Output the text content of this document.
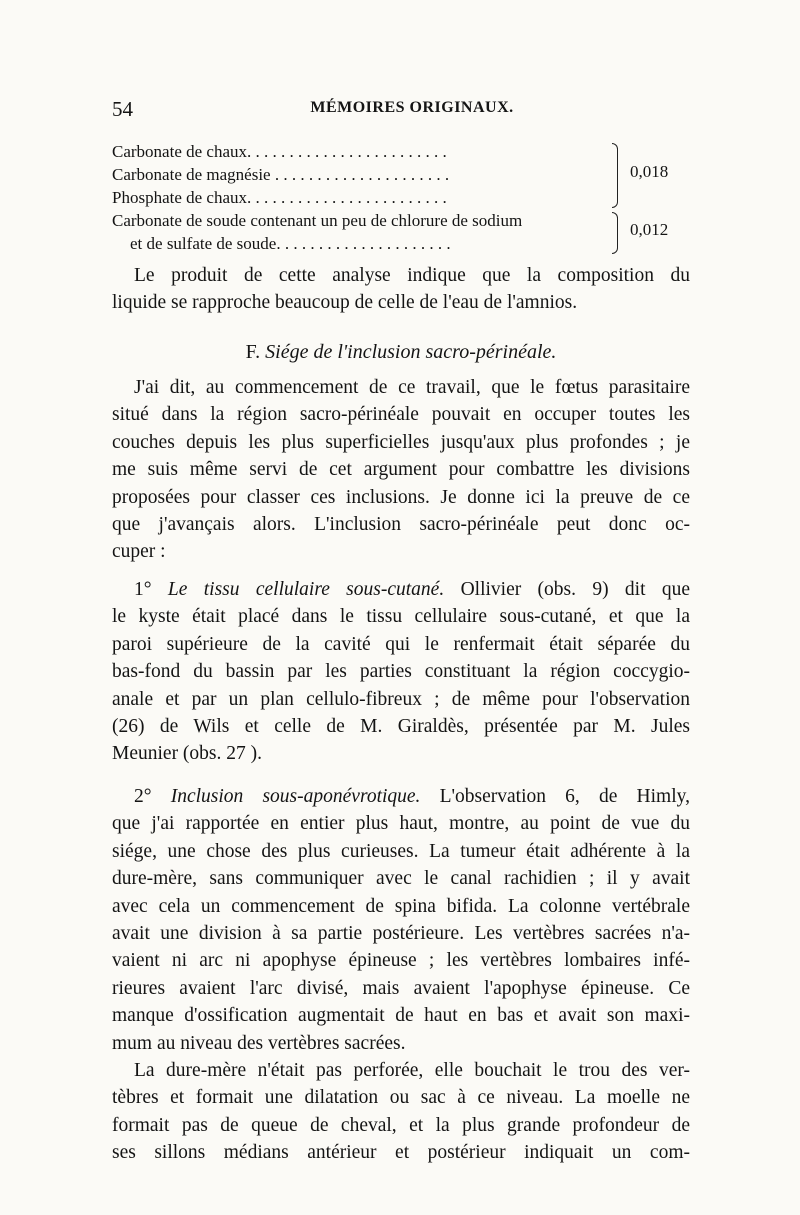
54	MÉMOIRES ORIGINAUX.
Carbonate de chaux. . . . . . . . . . . . . . . . . . . . . . . .
Carbonate de magnésie . . . . . . . . . . . . . . . . . . . . .
Phosphate de chaux. . . . . . . . . . . . . . . . . . . . . . . .
Carbonate de soude contenant un peu de chlorure de sodium
et de sulfate de soude. . . . . . . . . . . . . . . . . . . . .
0,018
0,012
Le produit de cette analyse indique que la composition du
liquide se rapproche beaucoup de celle de l'eau de l'amnios.
F. Siége de l'inclusion sacro-périnéale.
J'ai dit, au commencement de ce travail, que le fœtus parasitaire
situé dans la région sacro-périnéale pouvait en occuper toutes les
couches depuis les plus superficielles jusqu'aux plus profondes ; je
me suis même servi de cet argument pour combattre les divisions
proposées pour classer ces inclusions. Je donne ici la preuve de ce
que j'avançais alors. L'inclusion sacro-périnéale peut donc oc-
cuper :
1° Le tissu cellulaire sous-cutané. Ollivier (obs. 9) dit que
le kyste était placé dans le tissu cellulaire sous-cutané, et que la
paroi supérieure de la cavité qui le renfermait était séparée du
bas-fond du bassin par les parties constituant la région coccygio-
anale et par un plan cellulo-fibreux ; de même pour l'observation
(26) de Wils et celle de M. Giraldès, présentée par M. Jules
Meunier (obs. 27 ).
2° Inclusion sous-aponévrotique. L'observation 6, de Himly,
que j'ai rapportée en entier plus haut, montre, au point de vue du
siége, une chose des plus curieuses. La tumeur était adhérente à la
dure-mère, sans communiquer avec le canal rachidien ; il y avait
avec cela un commencement de spina bifida. La colonne vertébrale
avait une division à sa partie postérieure. Les vertèbres sacrées n'a-
vaient ni arc ni apophyse épineuse ; les vertèbres lombaires infé-
rieures avaient l'arc divisé, mais avaient l'apophyse épineuse. Ce
manque d'ossification augmentait de haut en bas et avait son maxi-
mum au niveau des vertèbres sacrées.
La dure-mère n'était pas perforée, elle bouchait le trou des ver-
tèbres et formait une dilatation ou sac à ce niveau. La moelle ne
formait pas de queue de cheval, et la plus grande profondeur de
ses sillons médians antérieur et postérieur indiquait un com-
